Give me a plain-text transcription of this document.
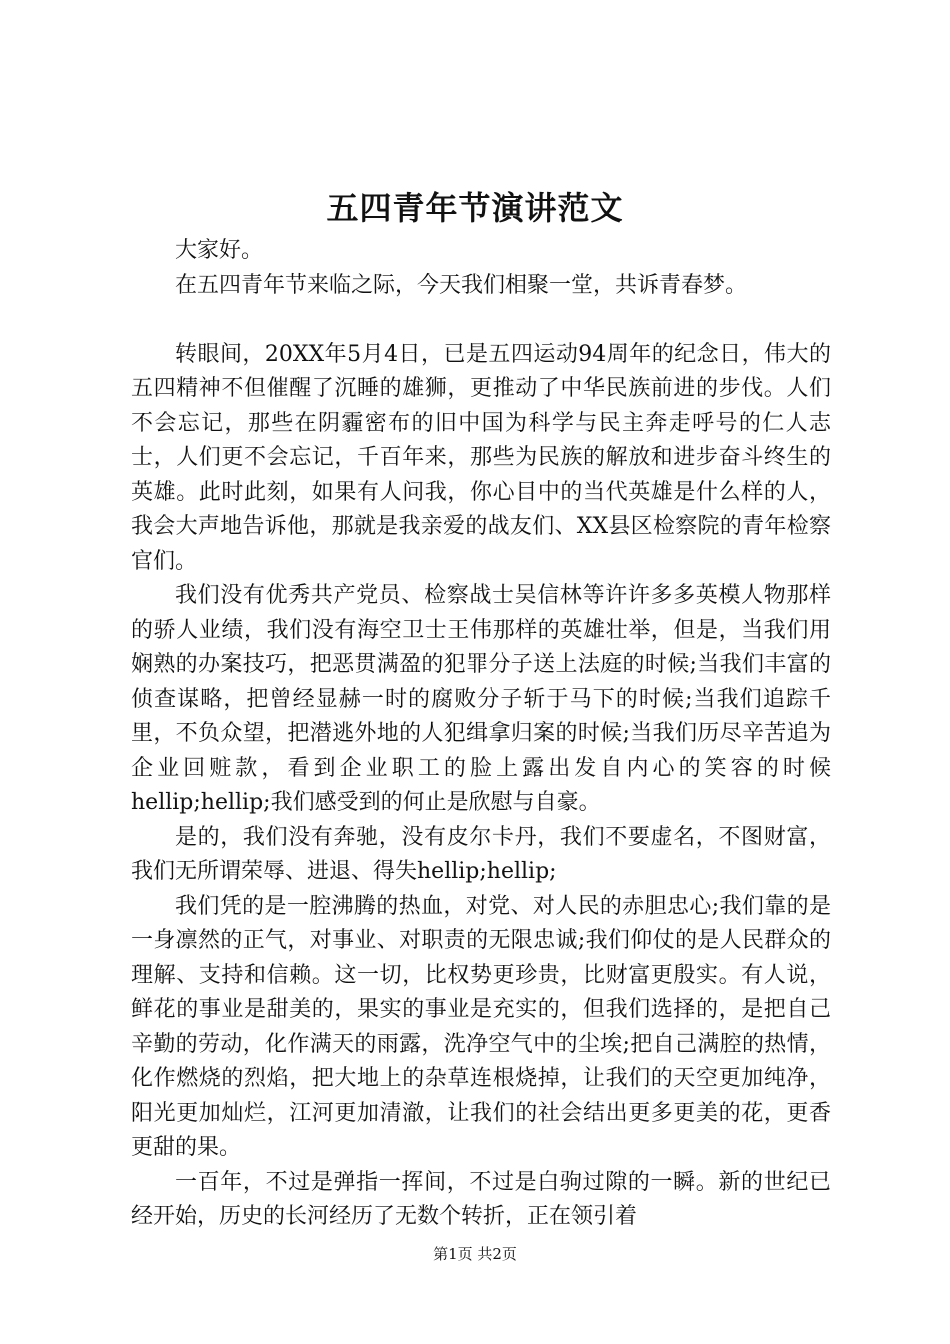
五四青年节演讲范文

大家好。

在五四青年节来临之际，今天我们相聚一堂，共诉青春梦。

转眼间，20XX年5月4日，已是五四运动94周年的纪念日，伟大的五四精神不但催醒了沉睡的雄狮，更推动了中华民族前进的步伐。人们不会忘记，那些在阴霾密布的旧中国为科学与民主奔走呼号的仁人志士，人们更不会忘记，千百年来，那些为民族的解放和进步奋斗终生的英雄。此时此刻，如果有人问我，你心目中的当代英雄是什么样的人，我会大声地告诉他，那就是我亲爱的战友们、XX县区检察院的青年检察官们。

我们没有优秀共产党员、检察战士吴信林等许许多多英模人物那样的骄人业绩，我们没有海空卫士王伟那样的英雄壮举，但是，当我们用娴熟的办案技巧，把恶贯满盈的犯罪分子送上法庭的时候;当我们丰富的侦查谋略，把曾经显赫一时的腐败分子斩于马下的时候;当我们追踪千里，不负众望，把潜逃外地的人犯缉拿归案的时候;当我们历尽辛苦追为企业回赃款，看到企业职工的脸上露出发自内心的笑容的时候hellip;hellip;我们感受到的何止是欣慰与自豪。

是的，我们没有奔驰，没有皮尔卡丹，我们不要虚名，不图财富，我们无所谓荣辱、进退、得失hellip;hellip;

我们凭的是一腔沸腾的热血，对党、对人民的赤胆忠心;我们靠的是一身凛然的正气，对事业、对职责的无限忠诚;我们仰仗的是人民群众的理解、支持和信赖。这一切，比权势更珍贵，比财富更殷实。有人说，鲜花的事业是甜美的，果实的事业是充实的，但我们选择的，是把自己辛勤的劳动，化作满天的雨露，洗净空气中的尘埃;把自己满腔的热情，化作燃烧的烈焰，把大地上的杂草连根烧掉，让我们的天空更加纯净，阳光更加灿烂，江河更加清澈，让我们的社会结出更多更美的花，更香更甜的果。

一百年，不过是弹指一挥间，不过是白驹过隙的一瞬。新的世纪已经开始，历史的长河经历了无数个转折，正在领引着

第1页 共2页
